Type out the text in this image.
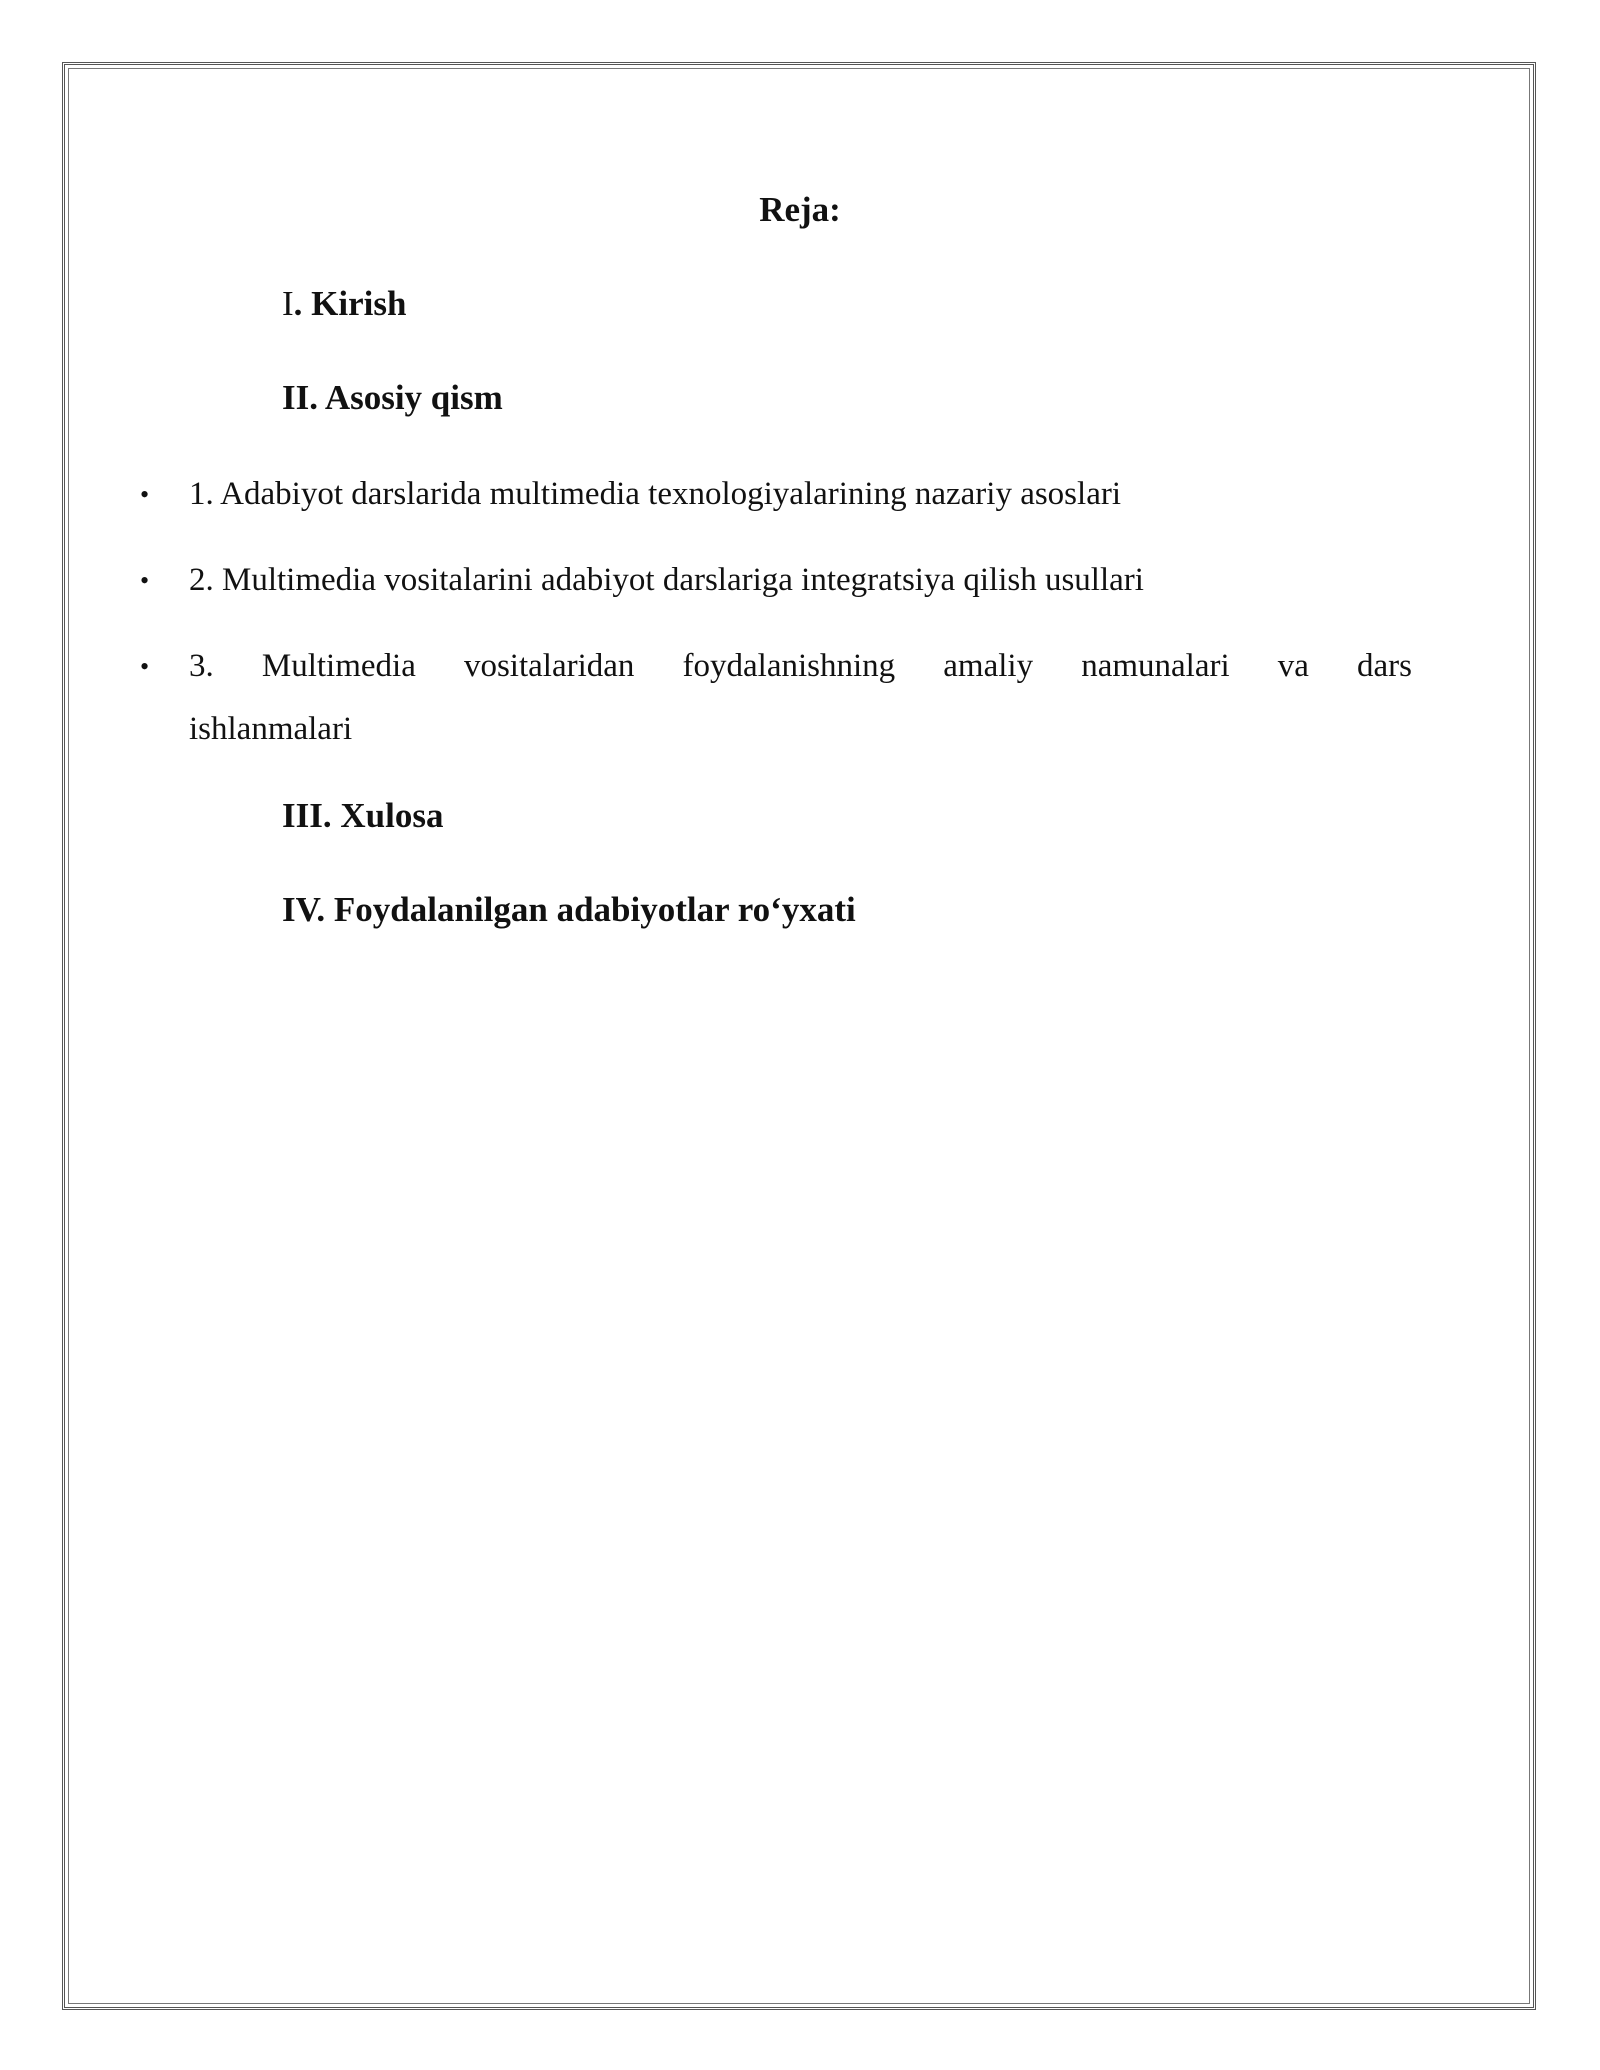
Reja:
I. Kirish
II. Asosiy qism
•	1. Adabiyot darslarida multimedia texnologiyalarining nazariy asoslari
•	2. Multimedia vositalarini adabiyot darslariga integratsiya qilish usullari
•	3. Multimedia vositalaridan foydalanishning amaliy namunalari va dars
ishlanmalari
III. Xulosa
IV. Foydalanilgan adabiyotlar ro‘yxati
